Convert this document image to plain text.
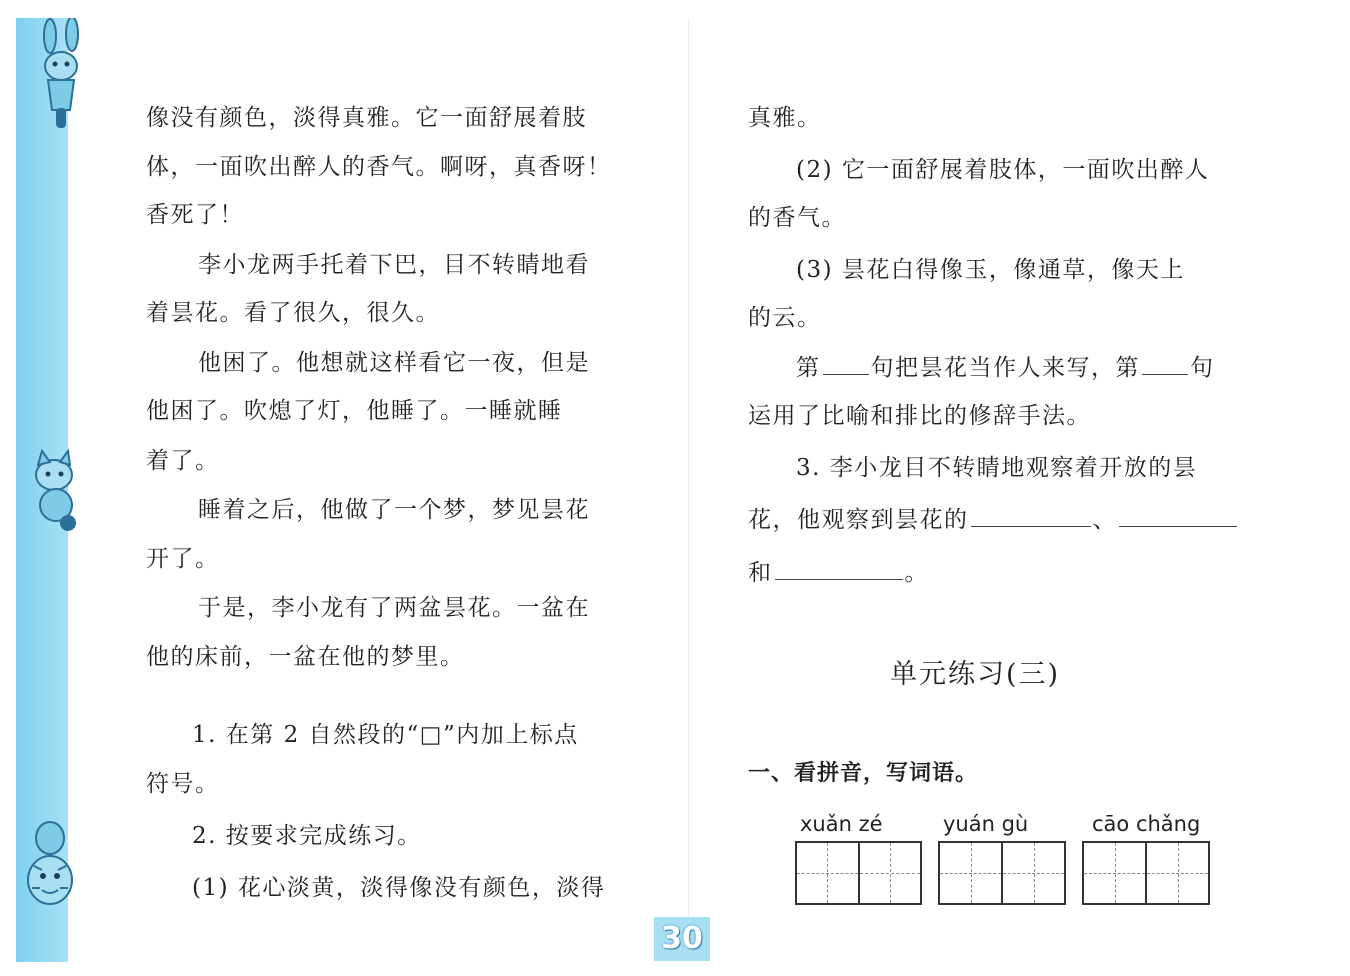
像没有颜色，淡得真雅。它一面舒展着肢
体，一面吹出醉人的香气。啊呀，真香呀！
香死了！
李小龙两手托着下巴，目不转睛地看
着昙花。看了很久，很久。
他困了。他想就这样看它一夜，但是
他困了。吹熄了灯，他睡了。一睡就睡
着了。
睡着之后，他做了一个梦，梦见昙花
开了。
于是，李小龙有了两盆昙花。一盆在
他的床前，一盆在他的梦里。
1. 在第 2 自然段的“□”内加上标点
符号。
2. 按要求完成练习。
(1) 花心淡黄，淡得像没有颜色，淡得
真雅。
(2) 它一面舒展着肢体，一面吹出醉人
的香气。
(3) 昙花白得像玉，像通草，像天上
的云。
第 句把昙花当作人来写，第 句
运用了比喻和排比的修辞手法。
3. 李小龙目不转睛地观察着开放的昙
花，他观察到昙花的	、
和	。
单元练习(三)
一、看拼音，写词语。
xuǎn zé	yuán gù	cāo chǎng
30
